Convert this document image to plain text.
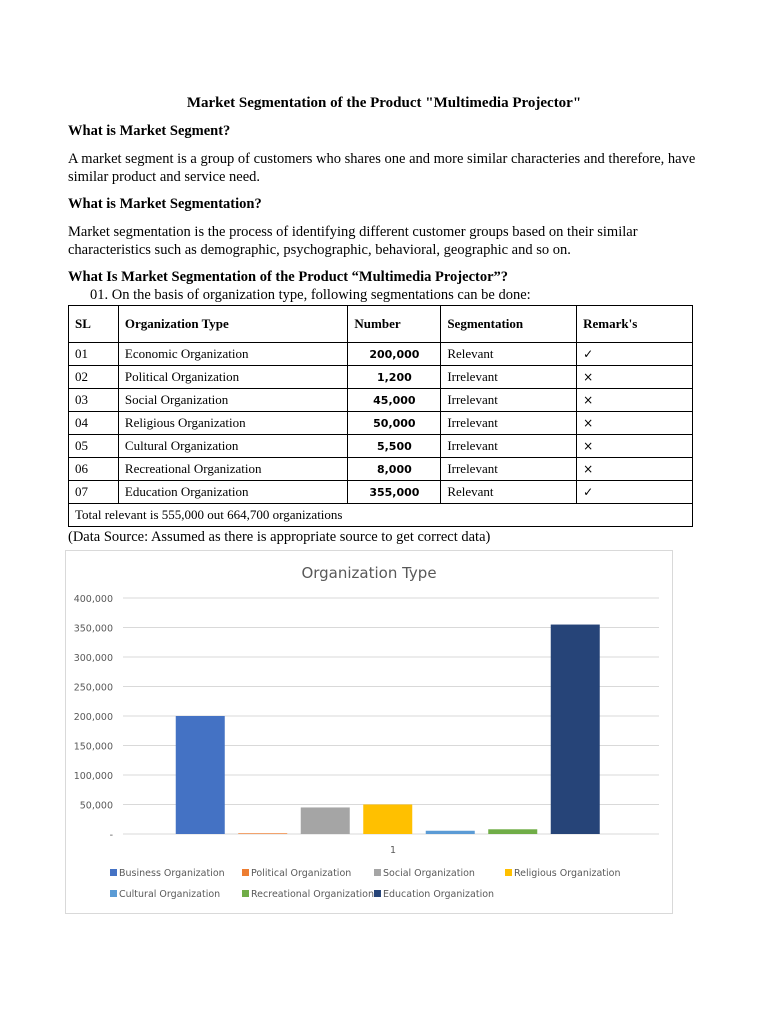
Market Segmentation of the Product "Multimedia Projector"
What is Market Segment?
A market segment is a group of customers who shares one and more similar characteries and therefore, have similar product and service need.
What is Market Segmentation?
Market segmentation is the process of identifying different customer groups based on their similar characteristics such as demographic, psychographic, behavioral, geographic and so on.
What Is Market Segmentation of the Product “Multimedia Projector”?
01. On the basis of organization type, following segmentations can be done:
SL	Organization Type	Number	Segmentation	Remark's
01	Economic Organization	200,000	Relevant	✓
02	Political Organization	1,200	Irrelevant	×
03	Social Organization	45,000	Irrelevant	×
04	Religious Organization	50,000	Irrelevant	×
05	Cultural Organization	5,500	Irrelevant	×
06	Recreational Organization	8,000	Irrelevant	×
07	Education Organization	355,000	Relevant	✓
Total relevant is 555,000 out 664,700 organizations				
(Data Source: Assumed as there is appropriate source to get correct data)
Organization Type
-
50,000
100,000
150,000
200,000
250,000
300,000
350,000
400,000
1
Business Organization	Political Organization	Social Organization	Religious Organization
Cultural Organization	Recreational Organization Education Organization
